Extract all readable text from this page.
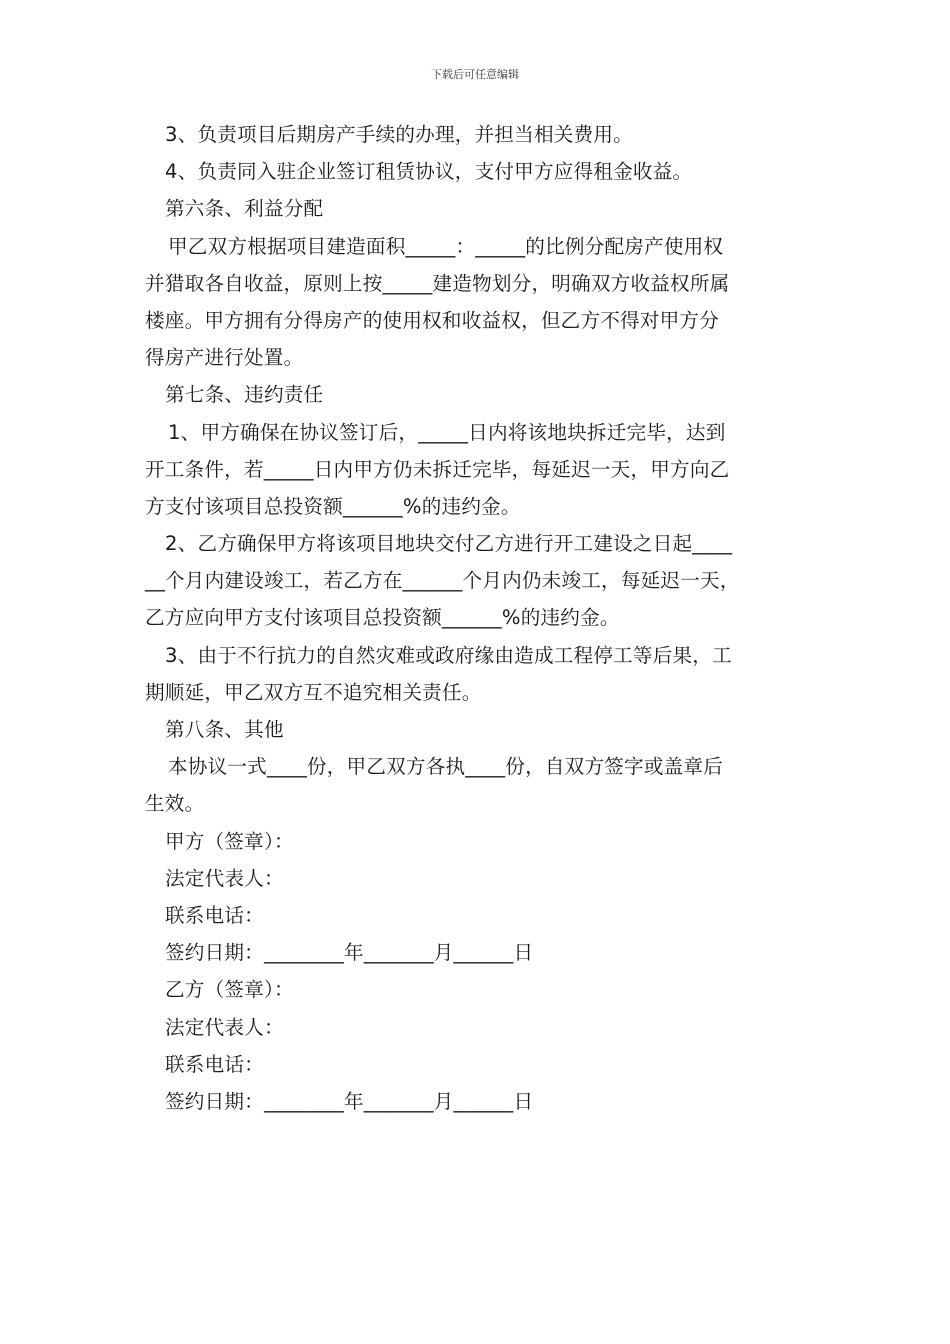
下载后可任意编辑
3、负责项目后期房产手续的办理，并担当相关费用。
4、负责同入驻企业签订租赁协议，支付甲方应得租金收益。
第六条、利益分配
甲乙双方根据项目建造面积_____：_____的比例分配房产使用权
并猎取各自收益，原则上按_____建造物划分，明确双方收益权所属
楼座。甲方拥有分得房产的使用权和收益权，但乙方不得对甲方分
得房产进行处置。
第七条、违约责任
1、甲方确保在协议签订后，_____日内将该地块拆迁完毕，达到
开工条件，若_____日内甲方仍未拆迁完毕，每延迟一天，甲方向乙
方支付该项目总投资额______%的违约金。
2、乙方确保甲方将该项目地块交付乙方进行开工建设之日起____
__个月内建设竣工，若乙方在______个月内仍未竣工，每延迟一天，
乙方应向甲方支付该项目总投资额______%的违约金。
3、由于不行抗力的自然灾难或政府缘由造成工程停工等后果，工
期顺延，甲乙双方互不追究相关责任。
第八条、其他
本协议一式____份，甲乙双方各执____份，自双方签字或盖章后
生效。
甲方（签章）：
法定代表人：
联系电话：
签约日期：________年_______月______日
乙方（签章）：
法定代表人：
联系电话：
签约日期：________年_______月______日
